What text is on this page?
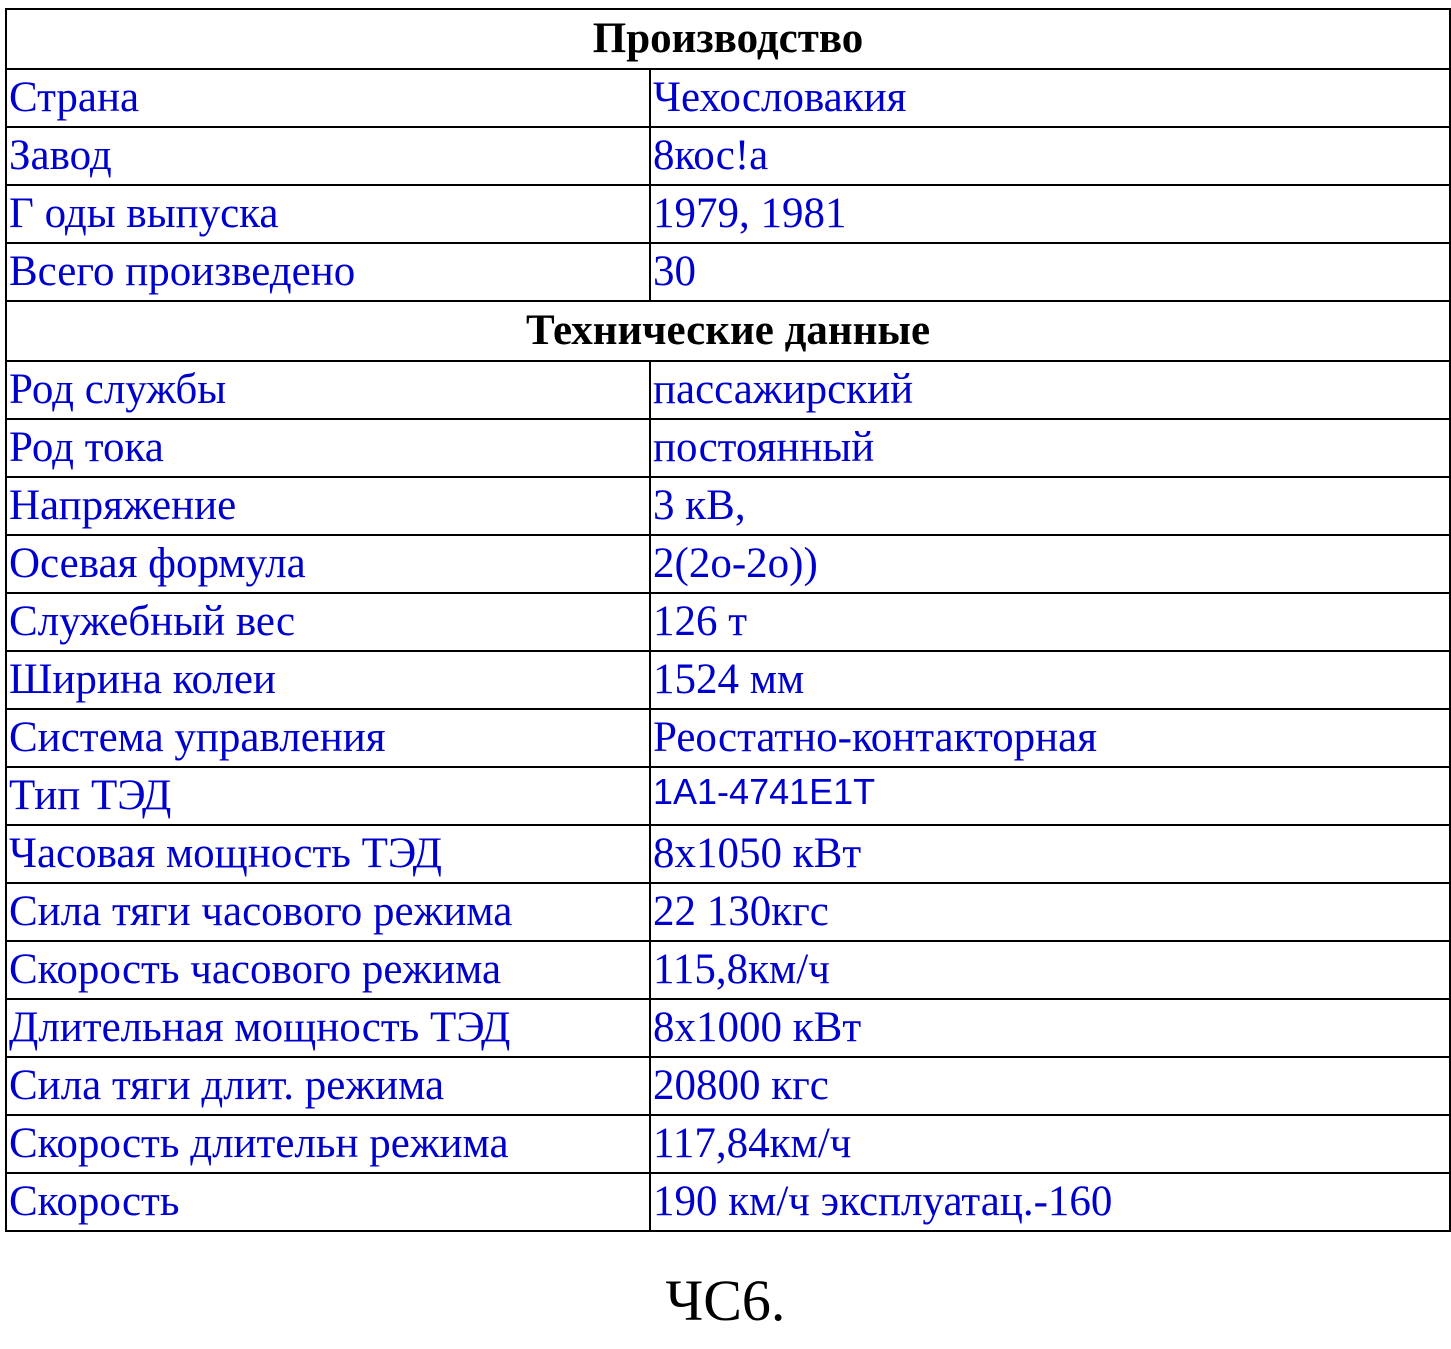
Производство	
Страна	Чехословакия
Завод	8кос!а
Г оды выпуска	1979, 1981
Всего произведено	30
Технические данные	
Род службы	пассажирский
Род тока	постоянный
Напряжение	3 кВ,
Осевая формула	2(2о-2о))
Служебный вес	126 т
Ширина колеи	1524 мм
Система управления	Реостатно-контакторная
Тип ТЭД	1А1-4741Е1Т
Часовая мощность ТЭД	8х1050 кВт
Сила тяги часового режима	22 130кгс
Скорость часового режима	115,8км/ч
Длительная мощность ТЭД	8х1000 кВт
Сила тяги длит. режима	20800 кгс
Скорость длительн режима	117,84км/ч
Скорость	190 км/ч эксплуатац.-160
ЧС6.
